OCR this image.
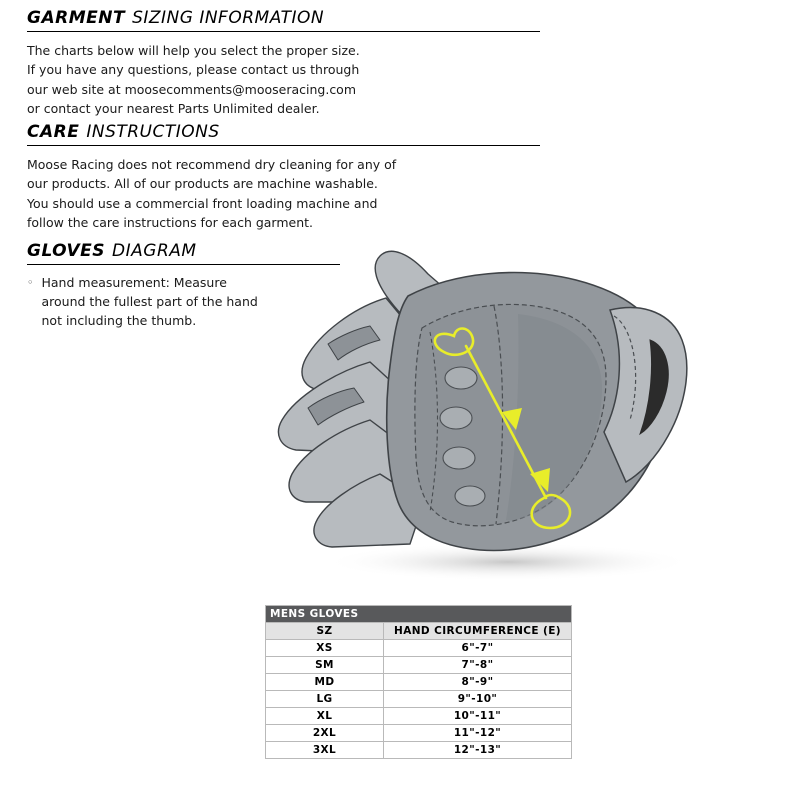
GARMENT SIZING INFORMATION
The charts below will help you select the proper size.
If you have any questions, please contact us through
our web site at moosecomments@mooseracing.com
or contact your nearest Parts Unlimited dealer.
CARE INSTRUCTIONS
Moose Racing does not recommend dry cleaning for any of
our products. All of our products are machine washable.
You should use a commercial front loading machine and
follow the care instructions for each garment.
GLOVES DIAGRAM
◦ Hand measurement: Measure around the fullest part of the hand not including the thumb.
MENS GLOVES	
SZ	HAND CIRCUMFERENCE (E)
XS	6"-7"
SM	7"-8"
MD	8"-9"
LG	9"-10"
XL	10"-11"
2XL	11"-12"
3XL	12"-13"
